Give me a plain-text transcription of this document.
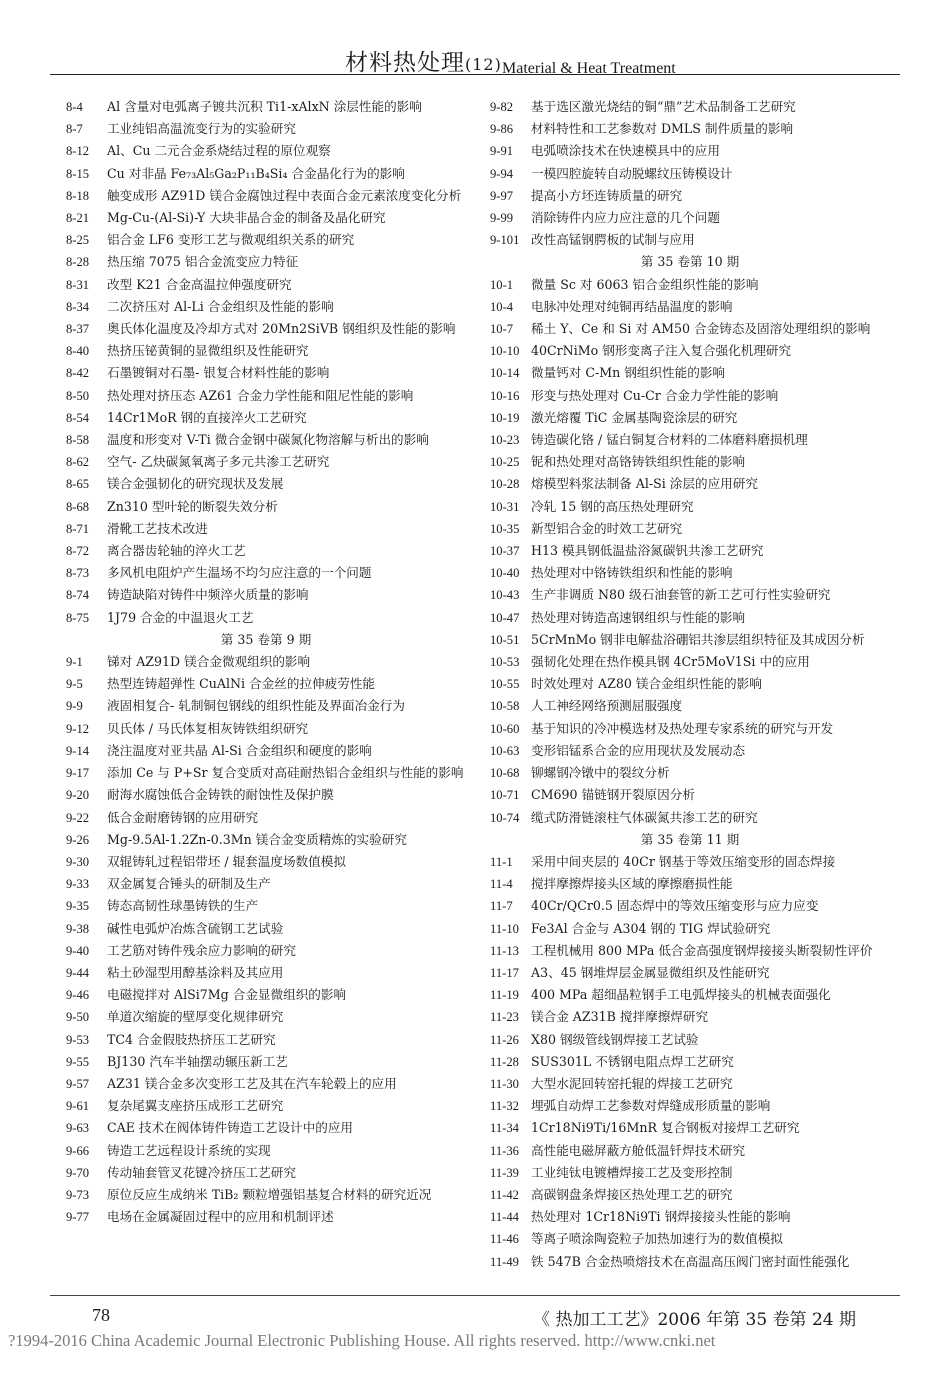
材料热处理(12) Material & Heat Treatment
8-4	Al 含量对电弧离子镀共沉积 Ti1-xAlxN 涂层性能的影响
8-7	工业纯铝高温流变行为的实验研究
8-12	Al、Cu 二元合金系烧结过程的原位观察
8-15	Cu 对非晶 Fe₇₃Al₅Ga₂P₁₁B₄Si₄ 合金晶化行为的影响
8-18	触变成形 AZ91D 镁合金腐蚀过程中表面合金元素浓度变化分析
8-21	Mg-Cu-(Al-Si)-Y 大块非晶合金的制备及晶化研究
8-25	铝合金 LF6 变形工艺与微观组织关系的研究
8-28	热压缩 7075 铝合金流变应力特征
8-31	改型 K21 合金高温拉伸强度研究
8-34	二次挤压对 Al-Li 合金组织及性能的影响
8-37	奥氏体化温度及冷却方式对 20Mn2SiVB 钢组织及性能的影响
8-40	热挤压铋黄铜的显微组织及性能研究
8-42	石墨镀铜对石墨- 银复合材料性能的影响
8-50	热处理对挤压态 AZ61 合金力学性能和阻尼性能的影响
8-54	14Cr1MoR 钢的直接淬火工艺研究
8-58	温度和形变对 V-Ti 微合金钢中碳氮化物溶解与析出的影响
8-62	空气- 乙炔碳氮氧离子多元共渗工艺研究
8-65	镁合金强韧化的研究现状及发展
8-68	Zn310 型叶轮的断裂失效分析
8-71	滑靴工艺技术改进
8-72	离合器齿轮轴的淬火工艺
8-73	多风机电阻炉产生温场不均匀应注意的一个问题
8-74	铸造缺陷对铸件中频淬火质量的影响
8-75	1J79 合金的中温退火工艺
第 35 卷第 9 期
9-1	锑对 AZ91D 镁合金微观组织的影响
9-5	热型连铸超弹性 CuAlNi 合金丝的拉伸疲劳性能
9-9	液固相复合- 轧制铜包钢线的组织性能及界面冶金行为
9-12	贝氏体 / 马氏体复相灰铸铁组织研究
9-14	浇注温度对亚共晶 Al-Si 合金组织和硬度的影响
9-17	添加 Ce 与 P+Sr 复合变质对高硅耐热铝合金组织与性能的影响
9-20	耐海水腐蚀低合金铸铁的耐蚀性及保护膜
9-22	低合金耐磨铸钢的应用研究
9-26	Mg-9.5Al-1.2Zn-0.3Mn 镁合金变质精炼的实验研究
9-30	双辊铸轧过程铝带坯 / 辊套温度场数值模拟
9-33	双金属复合锤头的研制及生产
9-35	铸态高韧性球墨铸铁的生产
9-38	碱性电弧炉冶炼含硫钢工艺试验
9-40	工艺筋对铸件残余应力影响的研究
9-44	粘土砂湿型用醇基涂料及其应用
9-46	电磁搅拌对 AlSi7Mg 合金显微组织的影响
9-50	单道次缩旋的壁厚变化规律研究
9-53	TC4 合金假肢热挤压工艺研究
9-55	BJ130 汽车半轴摆动辗压新工艺
9-57	AZ31 镁合金多次变形工艺及其在汽车轮毂上的应用
9-61	复杂尾翼支座挤压成形工艺研究
9-63	CAE 技术在阀体铸件铸造工艺设计中的应用
9-66	铸造工艺远程设计系统的实现
9-70	传动轴套管叉花键冷挤压工艺研究
9-73	原位反应生成纳米 TiB₂ 颗粒增强铝基复合材料的研究近况
9-77	电场在金属凝固过程中的应用和机制评述
9-82	基于选区激光烧结的铜“鼎”艺术品制备工艺研究
9-86	材料特性和工艺参数对 DMLS 制件质量的影响
9-91	电弧喷涂技术在快速模具中的应用
9-94	一模四腔旋转自动脱螺纹压铸模设计
9-97	提高小方坯连铸质量的研究
9-99	消除铸件内应力应注意的几个问题
9-101 改性高锰钢腭板的试制与应用
第 35 卷第 10 期
10-1	微量 Sc 对 6063 铝合金组织性能的影响
10-4	电脉冲处理对纯铜再结晶温度的影响
10-7	稀土 Y、Ce 和 Si 对 AM50 合金铸态及固溶处理组织的影响
10-10 40CrNiMo 钢形变离子注入复合强化机理研究
10-14 微量钙对 C-Mn 钢组织性能的影响
10-16 形变与热处理对 Cu-Cr 合金力学性能的影响
10-19 激光熔覆 TiC 金属基陶瓷涂层的研究
10-23 铸造碳化铬 / 锰白铜复合材料的二体磨料磨损机理
10-25 铌和热处理对高铬铸铁组织性能的影响
10-28 熔模型料浆法制备 Al-Si 涂层的应用研究
10-31 冷轧 15 钢的高压热处理研究
10-35 新型铝合金的时效工艺研究
10-37 H13 模具钢低温盐浴氮碳钒共渗工艺研究
10-40 热处理对中铬铸铁组织和性能的影响
10-43 生产非调质 N80 级石油套管的新工艺可行性实验研究
10-47 热处理对铸造高速钢组织与性能的影响
10-51 5CrMnMo 钢非电解盐浴硼铝共渗层组织特征及其成因分析
10-53 强韧化处理在热作模具钢 4Cr5MoV1Si 中的应用
10-55 时效处理对 AZ80 镁合金组织性能的影响
10-58 人工神经网络预测屈服强度
10-60 基于知识的冷冲模选材及热处理专家系统的研究与开发
10-63 变形铝锰系合金的应用现状及发展动态
10-68 铆螺钢冷镦中的裂纹分析
10-71 CM690 锚链钢开裂原因分析
10-74 缆式防滑链滚柱气体碳氮共渗工艺的研究
第 35 卷第 11 期
11-1	采用中间夹层的 40Cr 钢基于等效压缩变形的固态焊接
11-4	搅拌摩擦焊接头区域的摩擦磨损性能
11-7	40Cr/QCr0.5 固态焊中的等效压缩变形与应力应变
11-10 Fe3Al 合金与 A304 钢的 TIG 焊试验研究
11-13 工程机械用 800 MPa 低合金高强度钢焊接接头断裂韧性评价
11-17 A3、45 钢堆焊层金属显微组织及性能研究
11-19 400 MPa 超细晶粒钢手工电弧焊接头的机械表面强化
11-23 镁合金 AZ31B 搅拌摩擦焊研究
11-26 X80 钢级管线钢焊接工艺试验
11-28 SUS301L 不锈钢电阻点焊工艺研究
11-30 大型水泥回转窑托辊的焊接工艺研究
11-32 埋弧自动焊工艺参数对焊缝成形质量的影响
11-34 1Cr18Ni9Ti/16MnR 复合钢板对接焊工艺研究
11-36 高性能电磁屏蔽方舱低温钎焊技术研究
11-39 工业纯钛电镀槽焊接工艺及变形控制
11-42 高碳钢盘条焊接区热处理工艺的研究
11-44 热处理对 1Cr18Ni9Ti 钢焊接接头性能的影响
11-46 等离子喷涂陶瓷粒子加热加速行为的数值模拟
11-49 铁 547B 合金热喷熔技术在高温高压阀门密封面性能强化
78	《 热加工工艺》2006 年第 35 卷第 24 期
?1994-2016 China Academic Journal Electronic Publishing House. All rights reserved. http://www.cnki.net
